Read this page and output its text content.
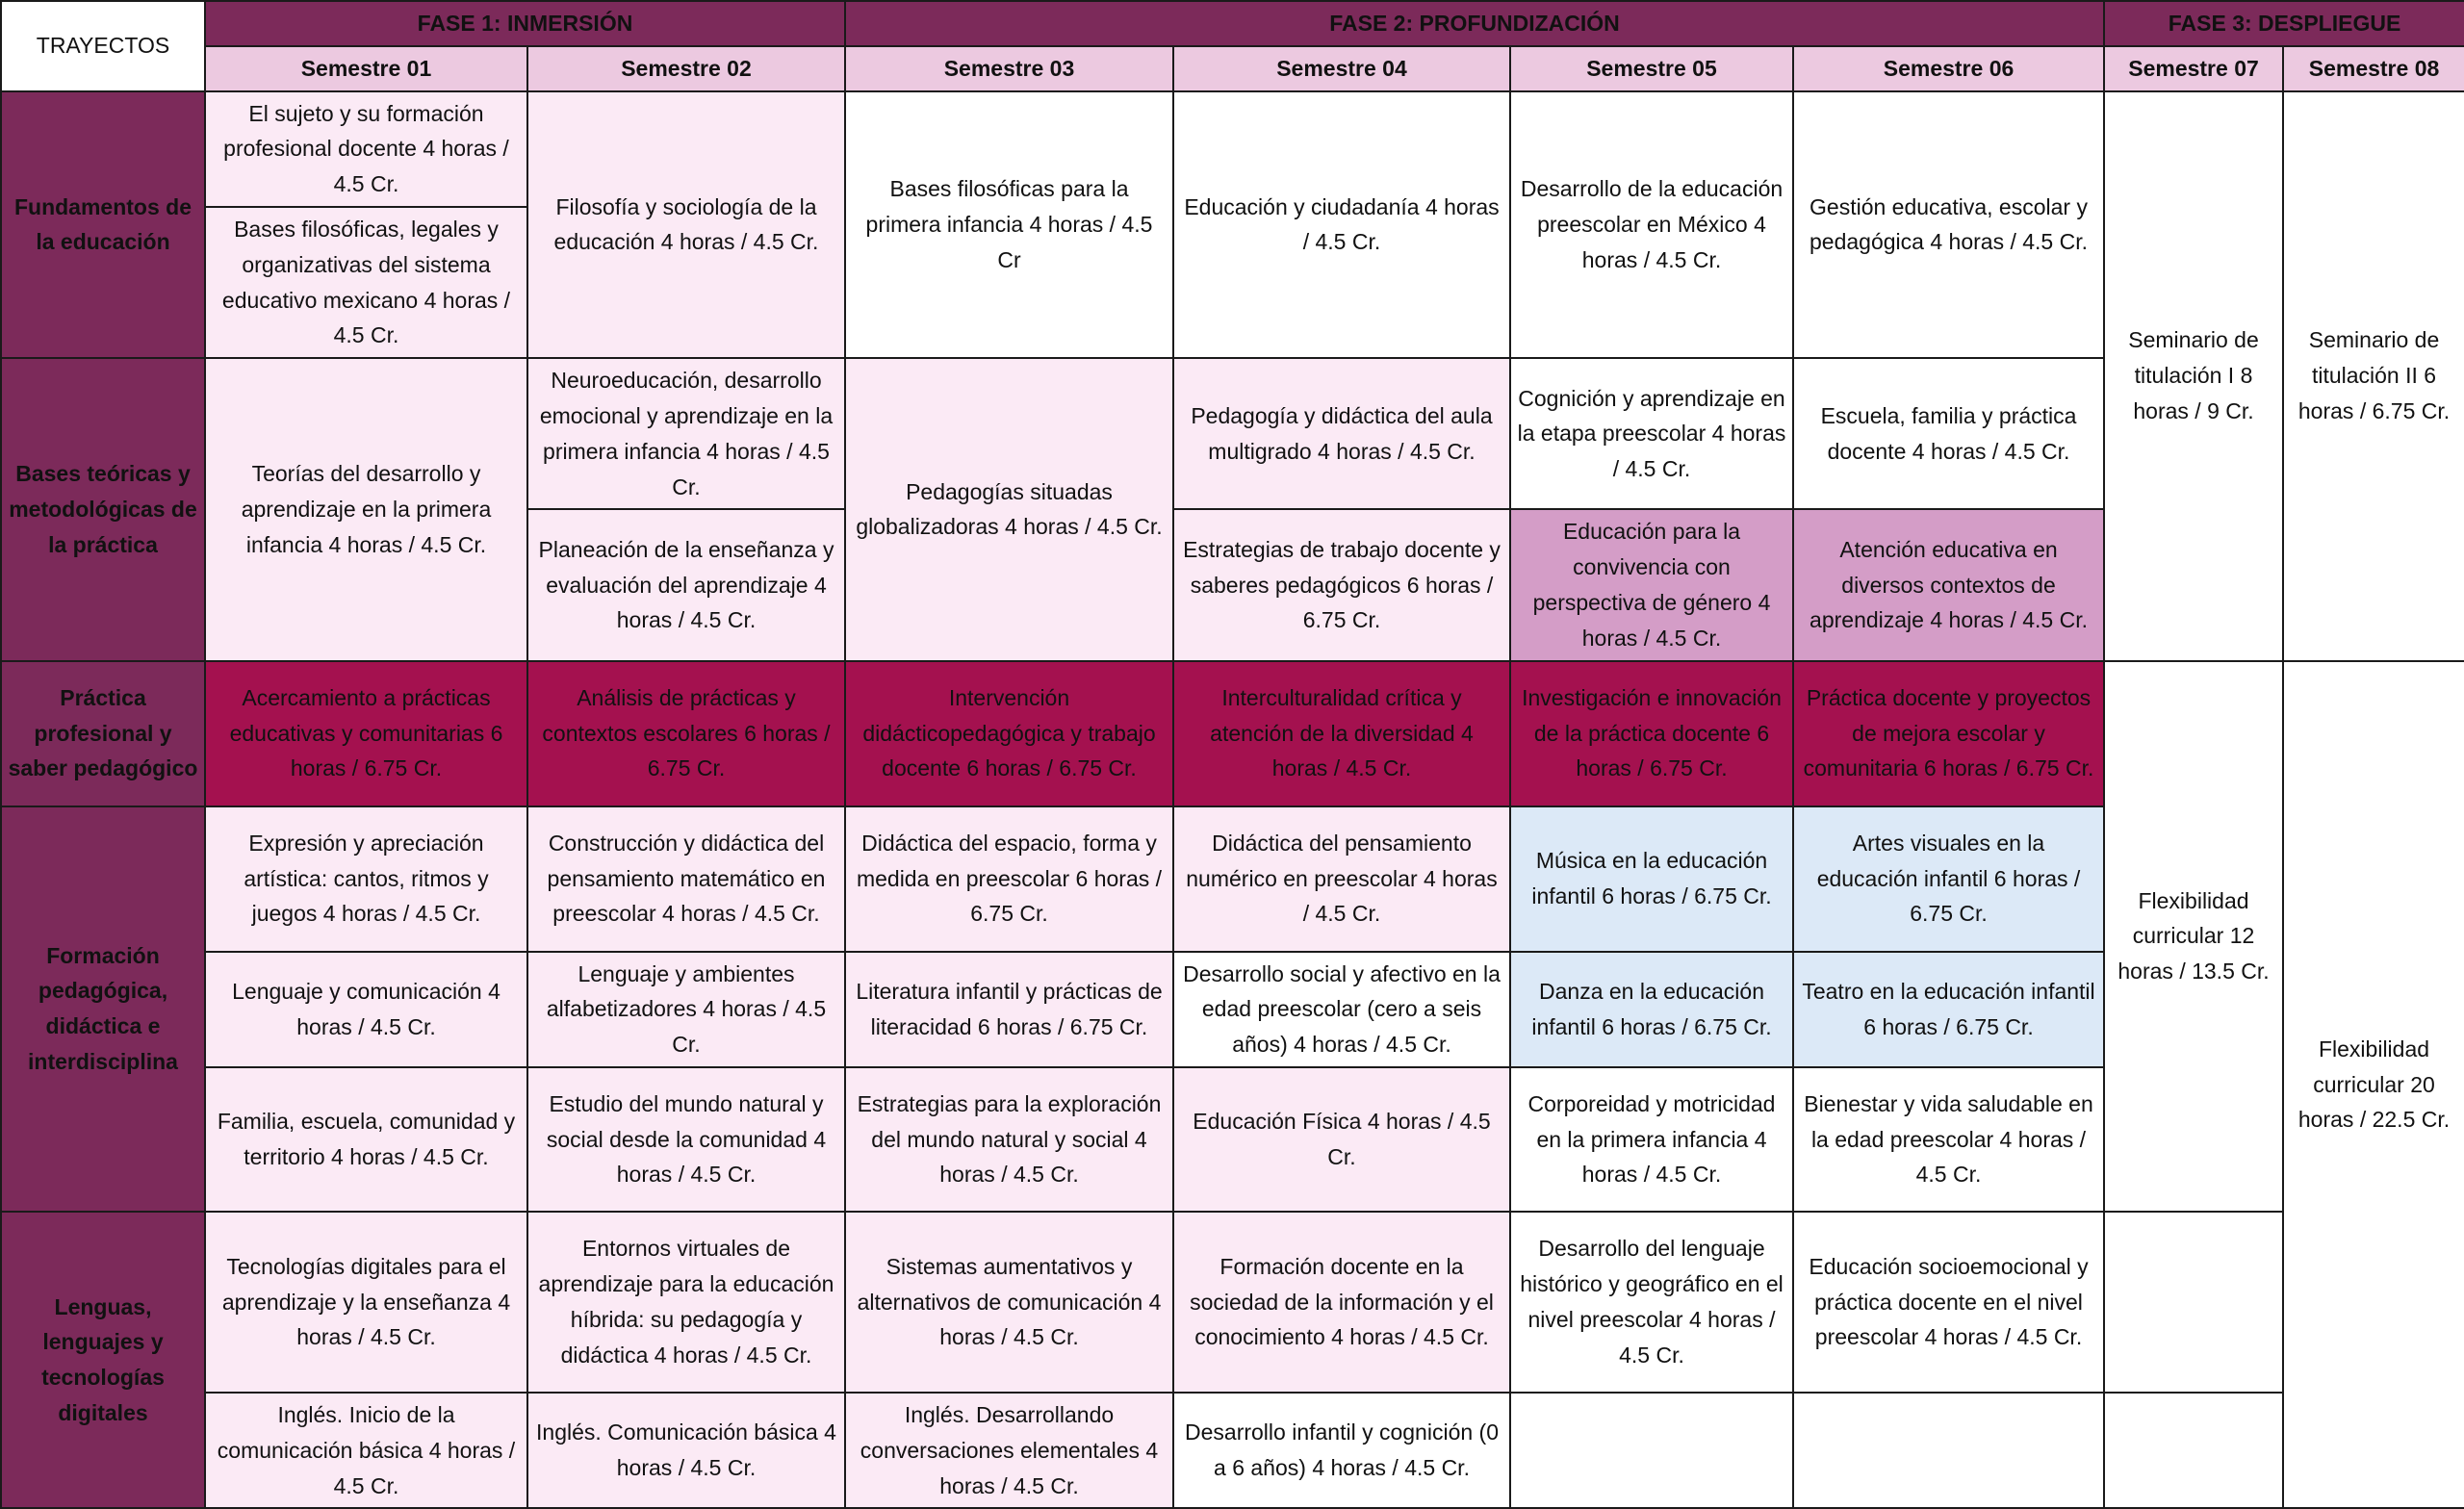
TRAYECTOS	FASE 1: INMERSIÓN		FASE 2: PROFUNDIZACIÓN				FASE 3: DESPLIEGUE	
	Semestre 01	Semestre 02	Semestre 03	Semestre 04	Semestre 05	Semestre 06	Semestre 07	Semestre 08
Fundamentos de la educación	El sujeto y su formación profesional docente 4 horas / 4.5 Cr.	Filosofía y sociología de la educación 4 horas / 4.5 Cr.	Bases filosóficas para la primera infancia 4 horas / 4.5 Cr	Educación y ciudadanía 4 horas / 4.5 Cr.	Desarrollo de la educación preescolar en México 4 horas / 4.5 Cr.	Gestión educativa, escolar y pedagógica 4 horas / 4.5 Cr.	Seminario de titulación I 8 horas / 9 Cr.	Seminario de titulación II 6 horas / 6.75 Cr.
	Bases filosóficas, legales y organizativas del sistema educativo mexicano 4 horas / 4.5 Cr.							
Bases teóricas y metodológicas de la práctica	Teorías del desarrollo y aprendizaje en la primera infancia 4 horas / 4.5 Cr.	Neuroeducación, desarrollo emocional y aprendizaje en la primera infancia 4 horas / 4.5 Cr.	Pedagogías situadas globalizadoras 4 horas / 4.5 Cr.	Pedagogía y didáctica del aula multigrado 4 horas / 4.5 Cr.	Cognición y aprendizaje en la etapa preescolar 4 horas / 4.5 Cr.	Escuela, familia y práctica docente 4 horas / 4.5 Cr.		
		Planeación de la enseñanza y evaluación del aprendizaje 4 horas / 4.5 Cr.		Estrategias de trabajo docente y saberes pedagógicos 6 horas / 6.75 Cr.	Educación para la convivencia con perspectiva de género 4 horas / 4.5 Cr.	Atención educativa en diversos contextos de aprendizaje 4 horas / 4.5 Cr.		
Práctica profesional y saber pedagógico	Acercamiento a prácticas educativas y comunitarias 6 horas / 6.75 Cr.	Análisis de prácticas y contextos escolares 6 horas / 6.75 Cr.	Intervención didácticopedagógica y trabajo docente 6 horas / 6.75 Cr.	Interculturalidad crítica y atención de la diversidad 4 horas / 4.5 Cr.	Investigación e innovación de la práctica docente 6 horas / 6.75 Cr.	Práctica docente y proyectos de mejora escolar y comunitaria 6 horas / 6.75 Cr.	Flexibilidad curricular 12 horas / 13.5 Cr.	Flexibilidad curricular 20 horas / 22.5 Cr.
Formación pedagógica, didáctica e interdisciplina	Expresión y apreciación artística: cantos, ritmos y juegos 4 horas / 4.5 Cr.	Construcción y didáctica del pensamiento matemático en preescolar 4 horas / 4.5 Cr.	Didáctica del espacio, forma y medida en preescolar 6 horas / 6.75 Cr.	Didáctica del pensamiento numérico en preescolar 4 horas / 4.5 Cr.	Música en la educación infantil 6 horas / 6.75 Cr.	Artes visuales en la educación infantil 6 horas / 6.75 Cr.		
	Lenguaje y comunicación 4 horas / 4.5 Cr.	Lenguaje y ambientes alfabetizadores 4 horas / 4.5 Cr.	Literatura infantil y prácticas de literacidad 6 horas / 6.75 Cr.	Desarrollo social y afectivo en la edad preescolar (cero a seis años) 4 horas / 4.5 Cr.	Danza en la educación infantil 6 horas / 6.75 Cr.	Teatro en la educación infantil 6 horas / 6.75 Cr.		
	Familia, escuela, comunidad y territorio 4 horas / 4.5 Cr.	Estudio del mundo natural y social desde la comunidad 4 horas / 4.5 Cr.	Estrategias para la exploración del mundo natural y social 4 horas / 4.5 Cr.	Educación Física 4 horas / 4.5 Cr.	Corporeidad y motricidad en la primera infancia 4 horas / 4.5 Cr.	Bienestar y vida saludable en la edad preescolar 4 horas / 4.5 Cr.		
Lenguas, lenguajes y tecnologías digitales	Tecnologías digitales para el aprendizaje y la enseñanza 4 horas / 4.5 Cr.	Entornos virtuales de aprendizaje para la educación híbrida: su pedagogía y didáctica 4 horas / 4.5 Cr.	Sistemas aumentativos y alternativos de comunicación 4 horas / 4.5 Cr.	Formación docente en la sociedad de la información y el conocimiento 4 horas / 4.5 Cr.	Desarrollo del lenguaje histórico y geográfico en el nivel preescolar 4 horas / 4.5 Cr.	Educación socioemocional y práctica docente en el nivel preescolar 4 horas / 4.5 Cr.		
	Inglés. Inicio de la comunicación básica 4 horas / 4.5 Cr.	Inglés. Comunicación básica 4 horas / 4.5 Cr.	Inglés. Desarrollando conversaciones elementales 4 horas / 4.5 Cr.	Desarrollo infantil y cognición (0 a 6 años) 4 horas / 4.5 Cr.				
